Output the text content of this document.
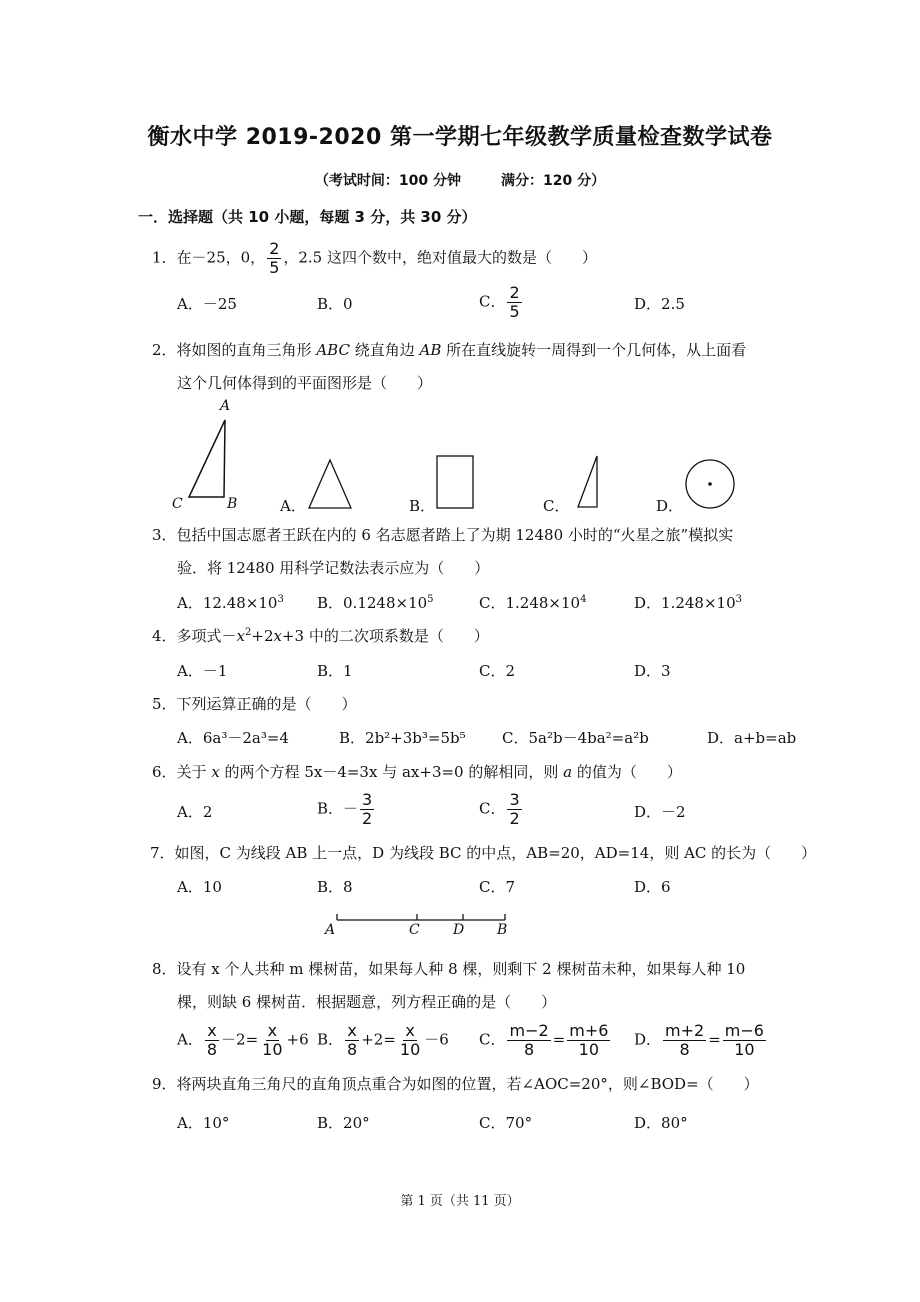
衡水中学 2019-2020 第一学期七年级教学质量检查数学试卷
（考试时间：100 分钟	满分：120 分）
一．选择题（共 10 小题，每题 3 分，共 30 分）
1．在－25，0， $\frac{2}{5}$ ，2.5 这四个数中，绝对值最大的数是（　　）
A．－25	B．0	C． $\frac{2}{5}$	D．2.5
2．将如图的直角三角形 ABC 绕直角边 AB 所在直线旋转一周得到一个几何体，从上面看
这个几何体得到的平面图形是（　　）
A
C	B	A．	B．	C．	D．
3．包括中国志愿者王跃在内的 6 名志愿者踏上了为期 12480 小时的“火星之旅”模拟实
验．将 12480 用科学记数法表示应为（　　）
A．$12.48\times 10^3$ B．$0.1248\times 10^5$	C．$1.248\times 10^4$	D．$1.248\times 10^3$
4．多项式$-x^2+2x+3$ 中的二次项系数是（　　）
A．－1	B．1	C．2	D．3
5．下列运算正确的是（　　）
A．6a³－2a³=4	B．2b²+3b³=5b⁵ C．5a²b－4ba²=a²b	D．a+b=ab
6．关于 x 的两个方程 5x－4=3x 与 ax+3=0 的解相同，则 a 的值为（　　）
A．2	B．－ $\frac{3}{2}$	C． $\frac{3}{2}$	D．－2
7．如图，C 为线段 AB 上一点，D 为线段 BC 的中点，AB=20，AD=14，则 AC 的长为（　　）
A．10	B．8	C．7	D．6
A	C D B
8．设有 x 个人共种 m 棵树苗，如果每人种 8 棵，则剩下 2 棵树苗未种，如果每人种 10
棵，则缺 6 棵树苗．根据题意，列方程正确的是（　　）
A． $\frac{x}{8} -2= \frac{x}{10} +6$ B． $\frac{x}{8} +2= \frac{x}{10} -6$ C． $\frac{m-2}{8} = \frac{m+6}{10}$ D． $\frac{m+2}{8} = \frac{m-6}{10}$
9．将两块直角三角尺的直角顶点重合为如图的位置，若∠AOC=20°，则∠BOD=（　　）
A．10°	B．20°	C．70°	D．80°
第 1 页（共 11 页）
